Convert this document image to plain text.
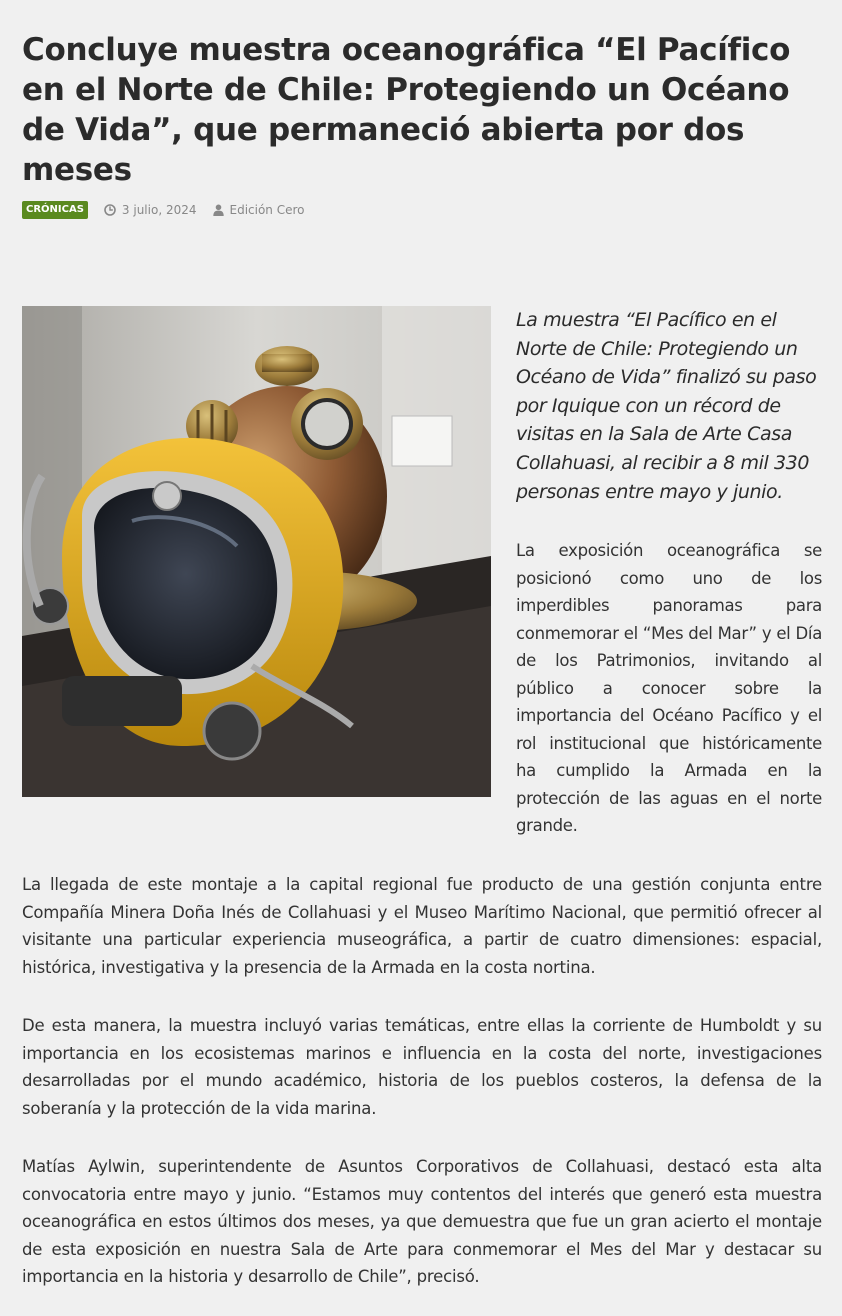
Concluye muestra oceanográfica “El Pacífico en el Norte de Chile: Protegiendo un Océano de Vida”, que permaneció abierta por dos meses
CRÓNICAS	3 julio, 2024	Edición Cero

La muestra “El Pacífico en el Norte de Chile: Protegiendo un Océano de Vida” finalizó su paso por Iquique con un récord de visitas en la Sala de Arte Casa Collahuasi, al recibir a 8 mil 330 personas entre mayo y junio.

La exposición oceanográfica se posicionó como uno de los imperdibles panoramas para conmemorar el “Mes del Mar” y el Día de los Patrimonios, invitando al público a conocer sobre la importancia del Océano Pacífico y el rol institucional que históricamente ha cumplido la Armada en la protección de las aguas en el norte grande.

La llegada de este montaje a la capital regional fue producto de una gestión conjunta entre Compañía Minera Doña Inés de Collahuasi y el Museo Marítimo Nacional, que permitió ofrecer al visitante una particular experiencia museográfica, a partir de cuatro dimensiones: espacial, histórica, investigativa y la presencia de la Armada en la costa nortina.

De esta manera, la muestra incluyó varias temáticas, entre ellas la corriente de Humboldt y su importancia en los ecosistemas marinos e influencia en la costa del norte, investigaciones desarrolladas por el mundo académico, historia de los pueblos costeros, la defensa de la soberanía y la protección de la vida marina.

Matías Aylwin, superintendente de Asuntos Corporativos de Collahuasi, destacó esta alta convocatoria entre mayo y junio. “Estamos muy contentos del interés que generó esta muestra oceanográfica en estos últimos dos meses, ya que demuestra que fue un gran acierto el montaje de esta exposición en nuestra Sala de Arte para conmemorar el Mes del Mar y destacar su importancia en la historia y desarrollo de Chile”, precisó.
